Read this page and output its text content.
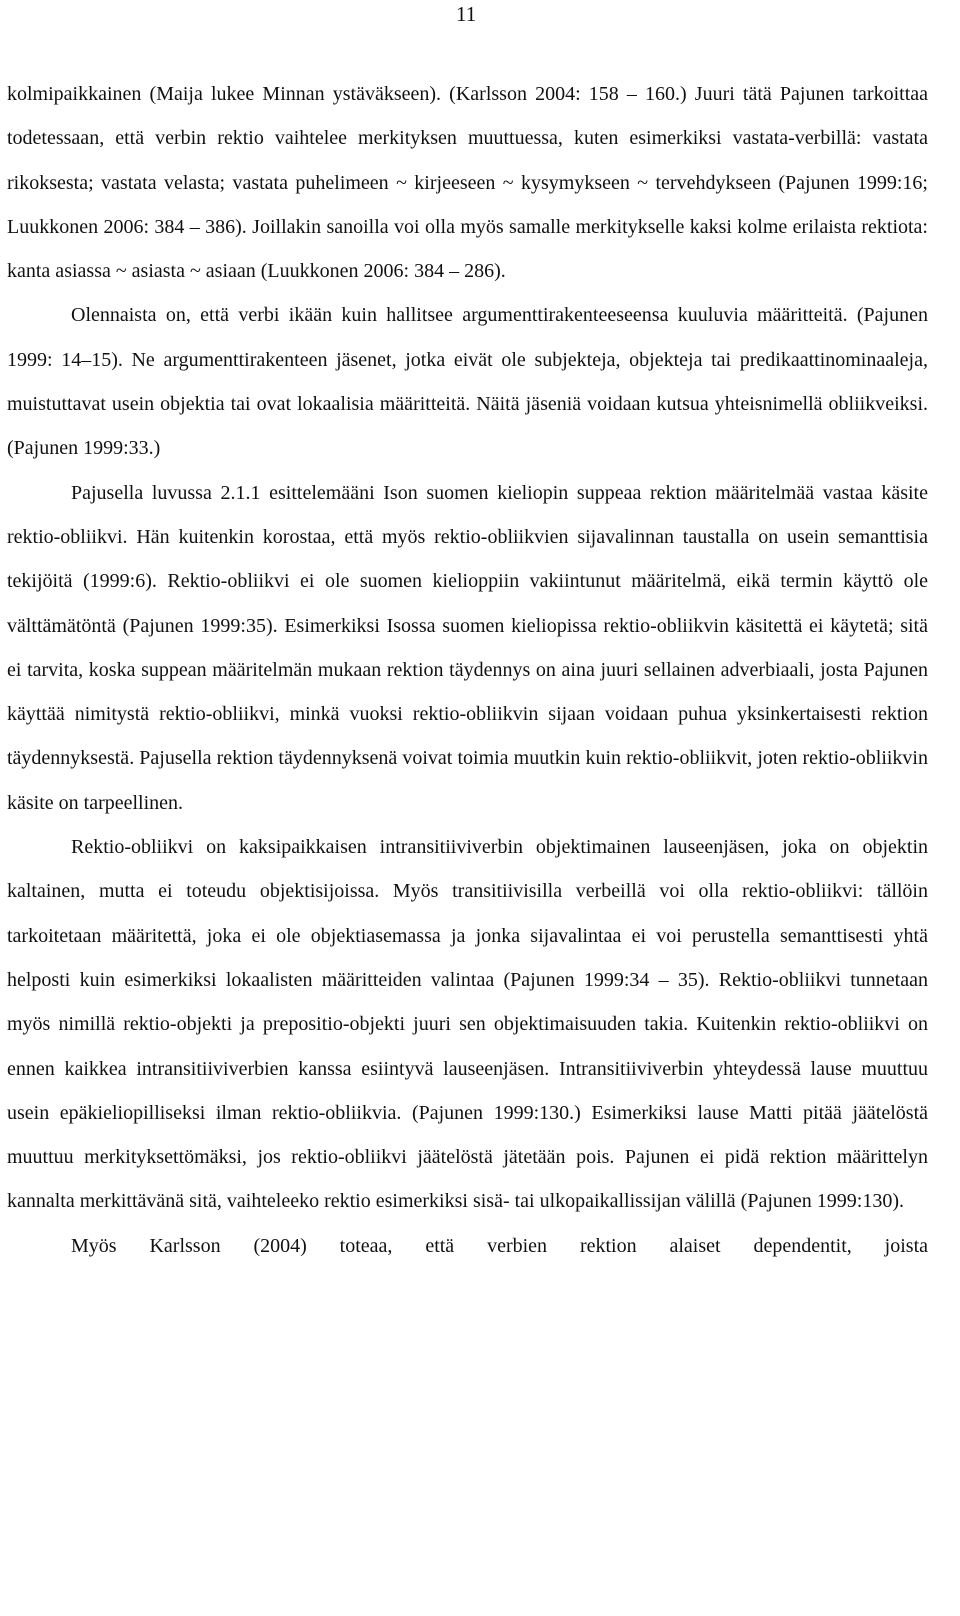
11

kolmipaikkainen (Maija lukee Minnan ystäväkseen). (Karlsson 2004: 158 – 160.) Juuri tätä Pajunen tarkoittaa todetessaan, että verbin rektio vaihtelee merkityksen muuttuessa, kuten esimerkiksi vastata-verbillä: vastata rikoksesta; vastata velasta; vastata puhelimeen ~ kirjeeseen ~ kysymykseen ~ tervehdykseen (Pajunen 1999:16; Luukkonen 2006: 384 – 386). Joillakin sanoilla voi olla myös samalle merkitykselle kaksi kolme erilaista rektiota: kanta asiassa ~ asiasta ~ asiaan (Luukkonen 2006: 384 – 286).

Olennaista on, että verbi ikään kuin hallitsee argumenttirakenteeseensa kuuluvia määritteitä. (Pajunen 1999: 14–15). Ne argumenttirakenteen jäsenet, jotka eivät ole subjekteja, objekteja tai predikaattinominaaleja, muistuttavat usein objektia tai ovat lokaalisia määritteitä. Näitä jäseniä voidaan kutsua yhteisnimellä obliikveiksi. (Pajunen 1999:33.)

Pajusella luvussa 2.1.1 esittelemääni Ison suomen kieliopin suppeaa rektion määritelmää vastaa käsite rektio-obliikvi. Hän kuitenkin korostaa, että myös rektio-obliikvien sijavalinnan taustalla on usein semanttisia tekijöitä (1999:6). Rektio-obliikvi ei ole suomen kielioppiin vakiintunut määritelmä, eikä termin käyttö ole välttämätöntä (Pajunen 1999:35). Esimerkiksi Isossa suomen kieliopissa rektio-obliikvin käsitettä ei käytetä; sitä ei tarvita, koska suppean määritelmän mukaan rektion täydennys on aina juuri sellainen adverbiaali, josta Pajunen käyttää nimitystä rektio-obliikvi, minkä vuoksi rektio-obliikvin sijaan voidaan puhua yksinkertaisesti rektion täydennyksestä. Pajusella rektion täydennyksenä voivat toimia muutkin kuin rektio-obliikvit, joten rektio-obliikvin käsite on tarpeellinen.

Rektio-obliikvi on kaksipaikkaisen intransitiiviverbin objektimainen lauseenjäsen, joka on objektin kaltainen, mutta ei toteudu objektisijoissa. Myös transitiivisilla verbeillä voi olla rektio-obliikvi: tällöin tarkoitetaan määritettä, joka ei ole objektiasemassa ja jonka sijavalintaa ei voi perustella semanttisesti yhtä helposti kuin esimerkiksi lokaalisten määritteiden valintaa (Pajunen 1999:34 – 35). Rektio-obliikvi tunnetaan myös nimillä rektio-objekti ja prepositio-objekti juuri sen objektimaisuuden takia. Kuitenkin rektio-obliikvi on ennen kaikkea intransitiiviverbien kanssa esiintyvä lauseenjäsen. Intransitiiviverbin yhteydessä lause muuttuu usein epäkieliopilliseksi ilman rektio-obliikvia. (Pajunen 1999:130.) Esimerkiksi lause Matti pitää jäätelöstä muuttuu merkityksettömäksi, jos rektio-obliikvi jäätelöstä jätetään pois. Pajunen ei pidä rektion määrittelyn kannalta merkittävänä sitä, vaihteleeko rektio esimerkiksi sisä- tai ulkopaikallissijan välillä (Pajunen 1999:130).

Myös Karlsson (2004) toteaa, että verbien rektion alaiset dependentit, joista
